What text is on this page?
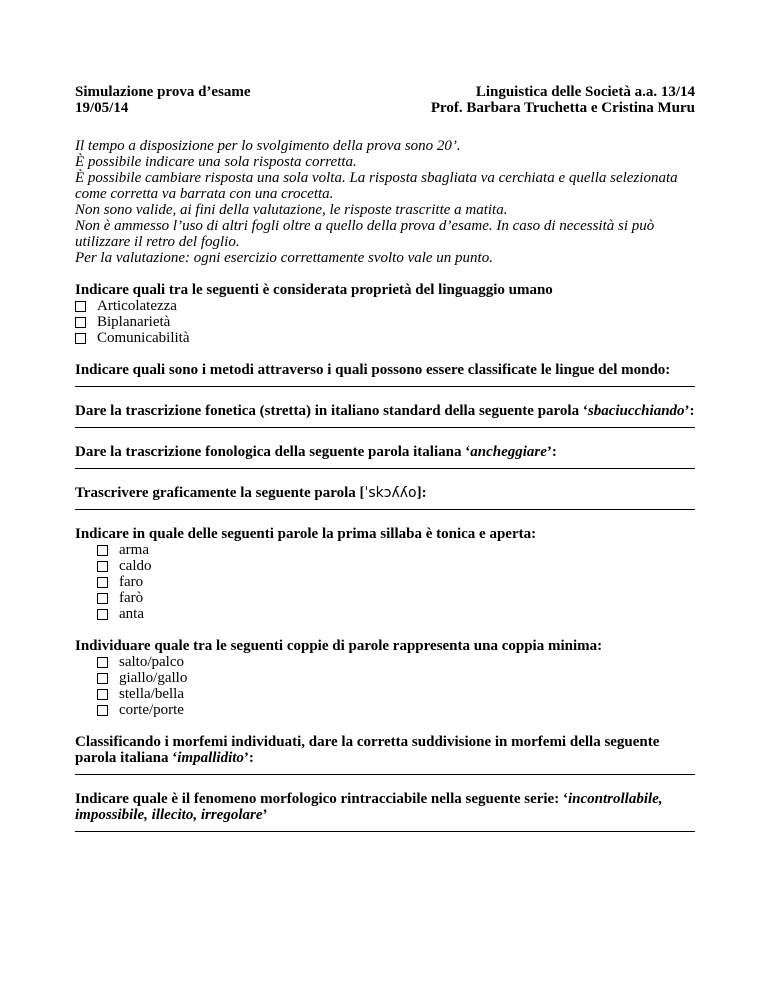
Simulazione prova d’esame
19/05/14
Linguistica delle Società a.a. 13/14
Prof. Barbara Truchetta e Cristina Muru
Il tempo a disposizione per lo svolgimento della prova sono 20’.
È possibile indicare una sola risposta corretta.
È possibile cambiare risposta una sola volta. La risposta sbagliata va cerchiata e quella selezionata come corretta va barrata con una crocetta.
Non sono valide, ai fini della valutazione, le risposte trascritte a matita.
Non è ammesso l’uso di altri fogli oltre a quello della prova d’esame. In caso di necessità si può utilizzare il retro del foglio.
Per la valutazione: ogni esercizio correttamente svolto vale un punto.
Indicare quali tra le seguenti è considerata proprietà del linguaggio umano
Articolatezza
Biplanarietà
Comunicabilità
Indicare quali sono i metodi attraverso i quali possono essere classificate le lingue del mondo:
Dare la trascrizione fonetica (stretta) in italiano standard della seguente parola ‘sbaciucchiando’:
Dare la trascrizione fonologica della seguente parola italiana ‘ancheggiare’:
Trascrivere graficamente la seguente parola [ˈskɔʎʎo]:
Indicare in quale delle seguenti parole la prima sillaba è tonica e aperta:
arma
caldo
faro
farò
anta
Individuare quale tra le seguenti coppie di parole rappresenta una coppia minima:
salto/palco
giallo/gallo
stella/bella
corte/porte
Classificando i morfemi individuati, dare la corretta suddivisione in morfemi della seguente parola italiana ‘impallidito’:
Indicare quale è il fenomeno morfologico rintracciabile nella seguente serie: ‘incontrollabile, impossibile, illecito, irregolare’
